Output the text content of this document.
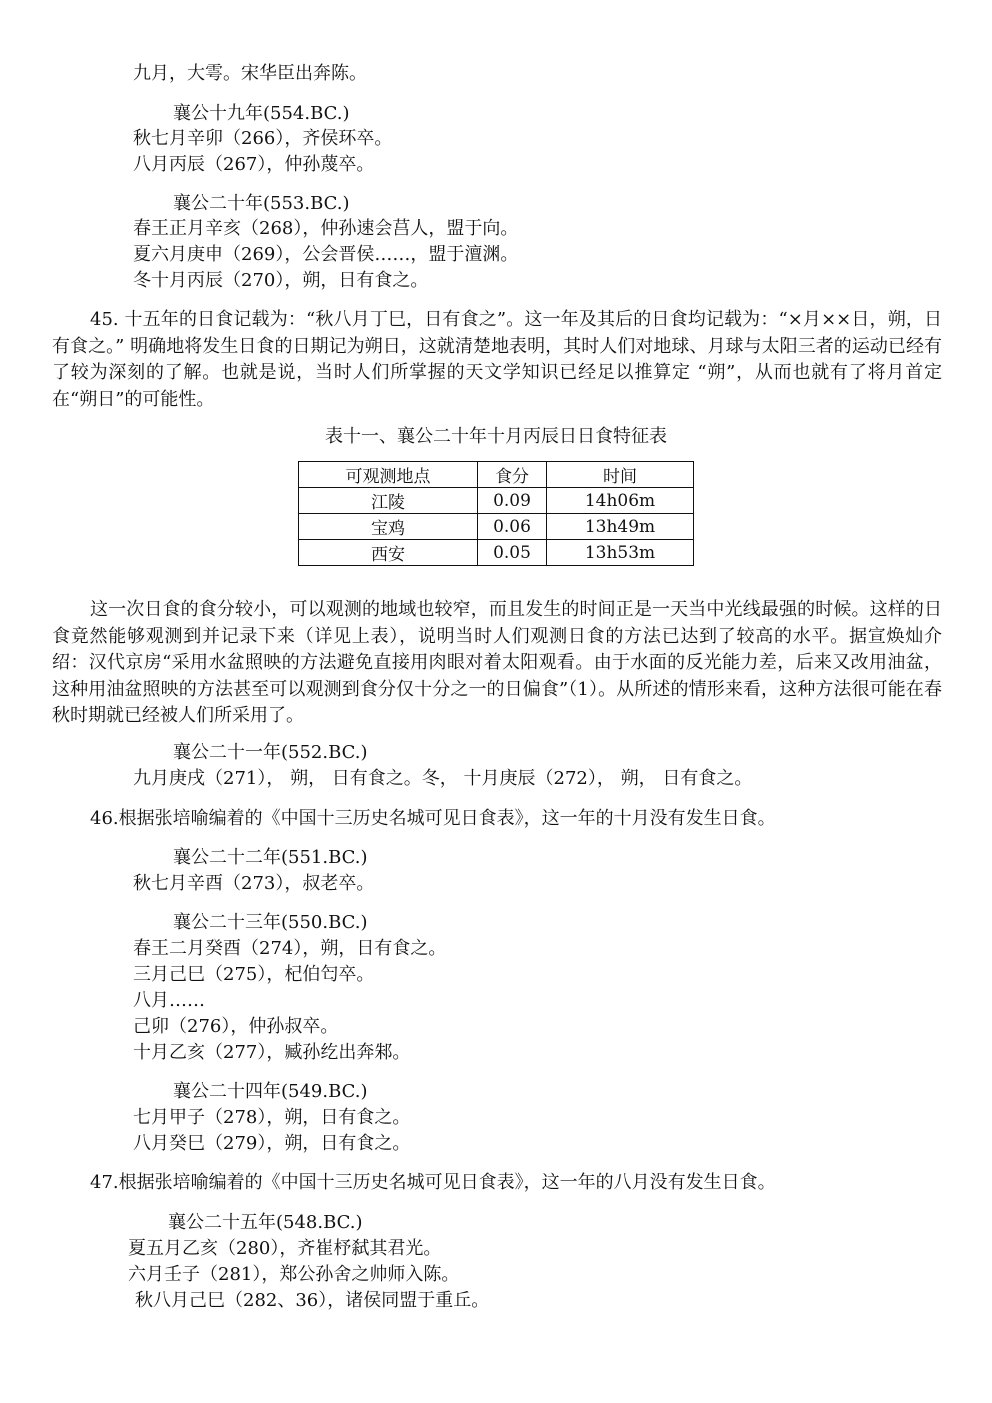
九月，大雩。宋华臣出奔陈。
襄公十九年(554.BC.)
秋七月辛卯（266），齐侯环卒。
八月丙辰（267），仲孙蔑卒。
襄公二十年(553.BC.)
春王正月辛亥（268），仲孙速会莒人，盟于向。
夏六月庚申（269），公会晋侯……，盟于澶渊。
冬十月丙辰（270），朔，日有食之。
45. 十五年的日食记载为：“秋八月丁巳，日有食之”。这一年及其后的日食均记载为：“×月××日，朔，日有食之。” 明确地将发生日食的日期记为朔日，这就清楚地表明，其时人们对地球、月球与太阳三者的运动已经有了较为深刻的了解。也就是说，当时人们所掌握的天文学知识已经足以推算定 “朔”，从而也就有了将月首定在“朔日”的可能性。
表十一、襄公二十年十月丙辰日日食特征表
可观测地点	食分	时间
江陵	0.09	14h06m
宝鸡	0.06	13h49m
西安	0.05	13h53m
这一次日食的食分较小，可以观测的地域也较窄，而且发生的时间正是一天当中光线最强的时候。这样的日食竟然能够观测到并记录下来（详见上表），说明当时人们观测日食的方法已达到了较高的水平。据宣焕灿介绍：汉代京房“采用水盆照映的方法避免直接用肉眼对着太阳观看。由于水面的反光能力差，后来又改用油盆，这种用油盆照映的方法甚至可以观测到食分仅十分之一的日偏食”（1）。从所述的情形来看，这种方法很可能在春秋时期就已经被人们所采用了。
襄公二十一年(552.BC.)
九月庚戌（271）， 朔， 日有食之。冬， 十月庚辰（272）， 朔， 日有食之。
46.根据张培喻编着的《中国十三历史名城可见日食表》，这一年的十月没有发生日食。
襄公二十二年(551.BC.)
秋七月辛酉（273），叔老卒。
襄公二十三年(550.BC.)
春王二月癸酉（274），朔，日有食之。
三月己巳（275），杞伯匄卒。
八月……
己卯（276），仲孙叔卒。
十月乙亥（277），臧孙纥出奔邾。
襄公二十四年(549.BC.)
七月甲子（278），朔，日有食之。
八月癸巳（279），朔，日有食之。
47.根据张培喻编着的《中国十三历史名城可见日食表》，这一年的八月没有发生日食。
襄公二十五年(548.BC.)
夏五月乙亥（280），齐崔杼弑其君光。
六月壬子（281），郑公孙舍之帅师入陈。
秋八月己巳（282、36），诸侯同盟于重丘。
